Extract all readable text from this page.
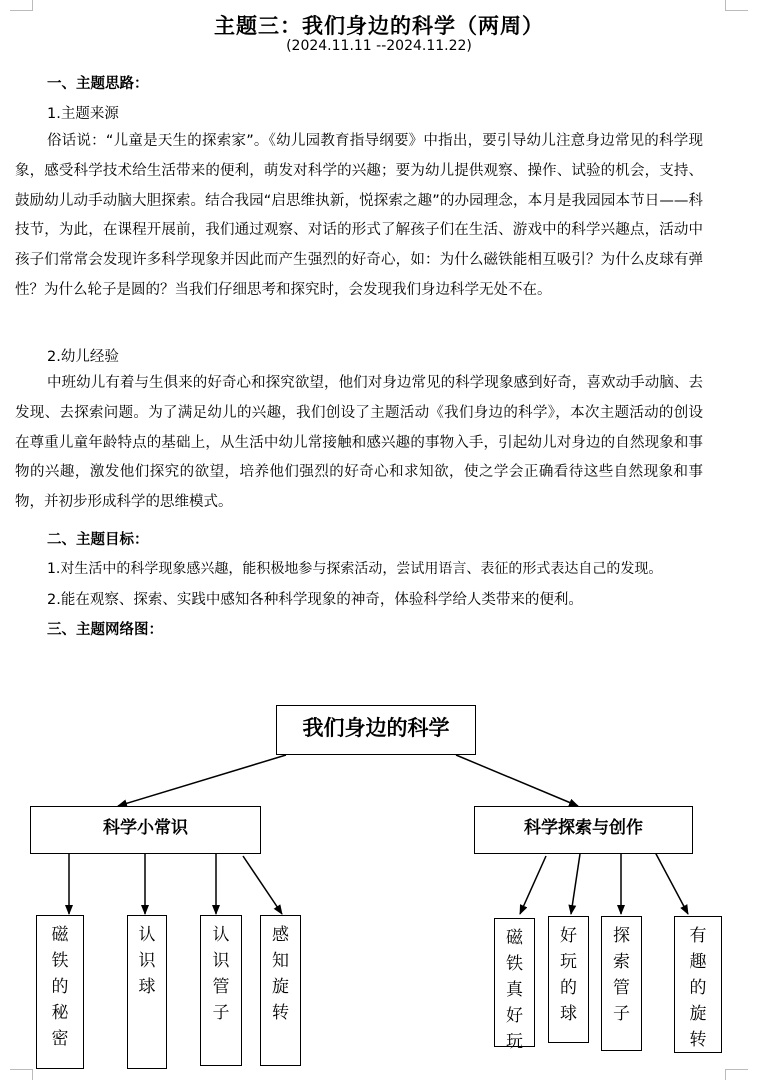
主题三：我们身边的科学（两周）
(2024.11.11 --2024.11.22)
一、主题思路：
1.主题来源
俗话说：“儿童是天生的探索家”。《幼儿园教育指导纲要》中指出，要引导幼儿注意身边常见的科学现象，感受科学技术给生活带来的便利，萌发对科学的兴趣；要为幼儿提供观察、操作、试验的机会，支持、鼓励幼儿动手动脑大胆探索。结合我园“启思维执新，悦探索之趣”的办园理念，本月是我园园本节日——科技节，为此，在课程开展前，我们通过观察、对话的形式了解孩子们在生活、游戏中的科学兴趣点，活动中孩子们常常会发现许多科学现象并因此而产生强烈的好奇心，如：为什么磁铁能相互吸引？为什么皮球有弹性？为什么轮子是圆的？当我们仔细思考和探究时，会发现我们身边科学无处不在。
2.幼儿经验
中班幼儿有着与生俱来的好奇心和探究欲望，他们对身边常见的科学现象感到好奇，喜欢动手动脑、去发现、去探索问题。为了满足幼儿的兴趣，我们创设了主题活动《我们身边的科学》，本次主题活动的创设在尊重儿童年龄特点的基础上，从生活中幼儿常接触和感兴趣的事物入手，引起幼儿对身边的自然现象和事物的兴趣，激发他们探究的欲望，培养他们强烈的好奇心和求知欲，使之学会正确看待这些自然现象和事物，并初步形成科学的思维模式。
二、主题目标：
1.对生活中的科学现象感兴趣，能积极地参与探索活动，尝试用语言、表征的形式表达自己的发现。
2.能在观察、探索、实践中感知各种科学现象的神奇，体验科学给人类带来的便利。
三、主题网络图：
我们身边的科学
科学小常识	科学探索与创作
磁
铁
的
秘
密
认
识
球
认
识
管
子
感
知
旋
转
磁
铁
真
好
玩
好
玩
的
球
探
索
管
子
有
趣
的
旋
转
